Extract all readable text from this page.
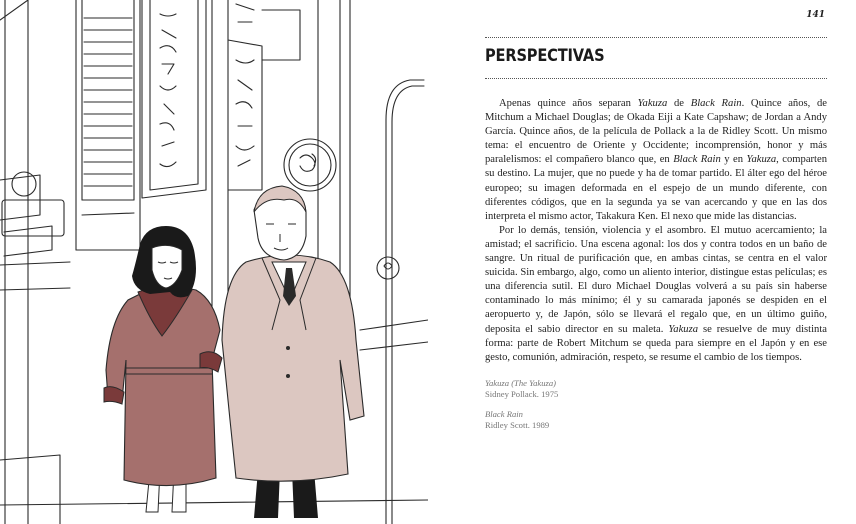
141
PERSPECTIVAS

Apenas quince años separan Yakuza de Black Rain. Quince años, de Mitchum a Michael Douglas; de Okada Eiji a Kate Capshaw; de Jordan a Andy García. Quince años, de la película de Pollack a la de Ridley Scott. Un mismo tema: el encuentro de Oriente y Occidente; incomprensión, honor y más paralelismos: el compañero blanco que, en Black Rain y en Yakuza, comparten su destino. La mujer, que no puede y ha de tomar partido. El álter ego del héroe europeo; su imagen deformada en el espejo de un mundo diferente, con diferentes códigos, que en la segunda ya se van acercando y que en las dos interpreta el mismo actor, Takakura Ken. El nexo que mide las distancias.

Por lo demás, tensión, violencia y el asombro. El mutuo acercamiento; la amistad; el sacrificio. Una escena agonal: los dos y contra todos en un baño de sangre. Un ritual de purificación que, en ambas cintas, se centra en el valor suicida. Sin embargo, algo, como un aliento interior, distingue estas películas; es una diferencia sutil. El duro Michael Douglas volverá a su país sin haberse contaminado lo más mínimo; él y su camarada japonés se despiden en el aeropuerto y, de Japón, sólo se llevará el regalo que, en un último guiño, deposita el sabio director en su maleta. Yakuza se resuelve de muy distinta forma: parte de Robert Mitchum se queda para siempre en el Japón y en ese gesto, comunión, admiración, respeto, se resume el cambio de los tiempos.

Yakuza (The Yakuza)
Sidney Pollack. 1975
Black Rain
Ridley Scott. 1989
